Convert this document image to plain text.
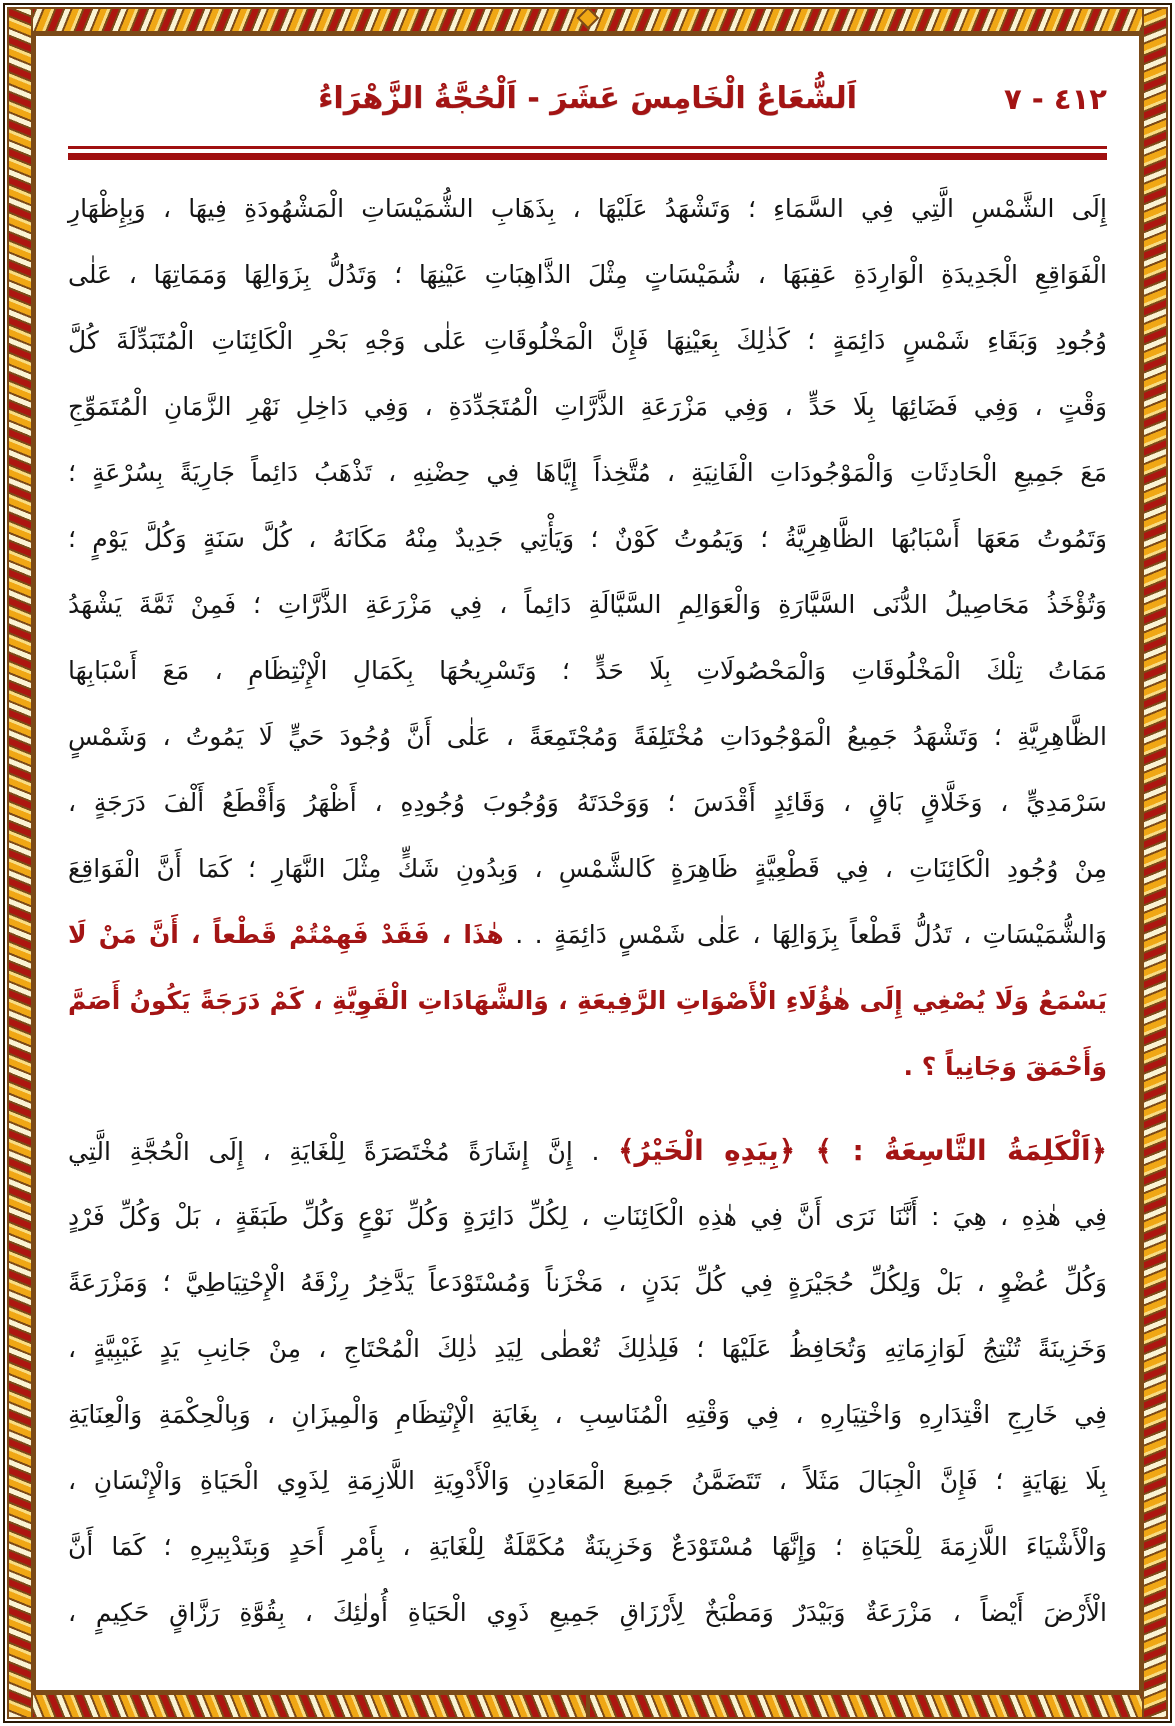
اَلشُّعَاعُ الْخَامِسَ عَشَرَ - اَلْحُجَّةُ الزَّهْرَاءُ	٤١٢ - ٧
إِلَى الشَّمْسِ الَّتِي فِي السَّمَاءِ ؛ وَتَشْهَدُ عَلَيْهَا ، بِذَهَابِ الشُّمَيْسَاتِ الْمَشْهُودَةِ فِيهَا ، وَبِإِظْهَارِ
الْفَوَاقِعِ الْجَدِيدَةِ الْوَارِدَةِ عَقِبَهَا ، شُمَيْسَاتٍ مِثْلَ الذَّاهِبَاتِ عَيْنِهَا ؛ وَتَدُلُّ بِزَوَالِهَا وَمَمَاتِهَا ، عَلٰى
وُجُودِ وَبَقَاءِ شَمْسٍ دَائِمَةٍ ؛ كَذٰلِكَ بِعَيْنِهَا فَإِنَّ الْمَخْلُوقَاتِ عَلٰى وَجْهِ بَحْرِ الْكَائِنَاتِ الْمُتَبَدِّلَةَ كُلَّ
وَقْتٍ ، وَفِي فَضَائِهَا بِلَا حَدٍّ ، وَفِي مَزْرَعَةِ الذَّرَّاتِ الْمُتَجَدِّدَةِ ، وَفِي دَاخِلِ نَهْرِ الزَّمَانِ الْمُتَمَوِّجِ
مَعَ جَمِيعِ الْحَادِثَاتِ وَالْمَوْجُودَاتِ الْفَانِيَةِ ، مُتَّخِذاً إِيَّاهَا فِي حِضْنِهِ ، تَذْهَبُ دَائِماً جَارِيَةً بِسُرْعَةٍ ؛
وَتَمُوتُ مَعَهَا أَسْبَابُهَا الظَّاهِرِيَّةُ ؛ وَيَمُوتُ كَوْنٌ ؛ وَيَأْتِي جَدِيدٌ مِنْهُ مَكَانَهُ ، كُلَّ سَنَةٍ وَكُلَّ يَوْمٍ ؛
وَتُؤْخَذُ مَحَاصِيلُ الدُّنَى السَّيَّارَةِ وَالْعَوَالِمِ السَّيَّالَةِ دَائِماً ، فِي مَزْرَعَةِ الذَّرَّاتِ ؛ فَمِنْ ثَمَّةَ يَشْهَدُ
مَمَاتُ تِلْكَ الْمَخْلُوقَاتِ وَالْمَحْصُولَاتِ بِلَا حَدٍّ ؛ وَتَسْرِيحُهَا بِكَمَالِ الْإِنْتِظَامِ ، مَعَ أَسْبَابِهَا
الظَّاهِرِيَّةِ ؛ وَتَشْهَدُ جَمِيعُ الْمَوْجُودَاتِ مُخْتَلِفَةً وَمُجْتَمِعَةً ، عَلٰى أَنَّ وُجُودَ حَيٍّ لَا يَمُوتُ ، وَشَمْسٍ
سَرْمَدِيٍّ ، وَخَلَّاقٍ بَاقٍ ، وَقَائِدٍ أَقْدَسَ ؛ وَوَحْدَتَهُ وَوُجُوبَ وُجُودِهِ ، أَظْهَرُ وَأَقْطَعُ أَلْفَ دَرَجَةٍ ،
مِنْ وُجُودِ الْكَائِنَاتِ ، فِي قَطْعِيَّةٍ ظَاهِرَةٍ كَالشَّمْسِ ، وَبِدُونِ شَكٍّ مِثْلَ النَّهَارِ ؛ كَمَا أَنَّ الْفَوَاقِعَ
وَالشُّمَيْسَاتِ ، تَدُلُّ قَطْعاً بِزَوَالِهَا ، عَلٰى شَمْسٍ دَائِمَةٍ . . هٰذَا ، فَقَدْ فَهِمْتُمْ قَطْعاً ، أَنَّ مَنْ لَا
يَسْمَعُ وَلَا يُصْغِي إِلَى هٰؤُلَاءِ الْأَصْوَاتِ الرَّفِيعَةِ ، وَالشَّهَادَاتِ الْقَوِيَّةِ ، كَمْ دَرَجَةً يَكُونُ أَصَمَّ
وَأَحْمَقَ وَجَانِياً ؟ .
﴿اَلْكَلِمَةُ التَّاسِعَةُ : ﴾ ﴿بِيَدِهِ الْخَيْرُ﴾ . إِنَّ إِشَارَةً مُخْتَصَرَةً لِلْغَايَةِ ، إِلَى الْحُجَّةِ الَّتِي
فِي هٰذِهِ ، هِيَ : أَنَّنَا نَرَى أَنَّ فِي هٰذِهِ الْكَائِنَاتِ ، لِكُلِّ دَائِرَةٍ وَكُلِّ نَوْعٍ وَكُلِّ طَبَقَةٍ ، بَلْ وَكُلِّ فَرْدٍ
وَكُلِّ عُضْوٍ ، بَلْ وَلِكُلِّ حُجَيْرَةٍ فِي كُلِّ بَدَنٍ ، مَخْزَناً وَمُسْتَوْدَعاً يَدَّخِرُ رِزْقَهُ الْإِحْتِيَاطِيَّ ؛ وَمَزْرَعَةً
وَخَزِينَةً تُنْتِجُ لَوَازِمَاتِهِ وَتُحَافِظُ عَلَيْهَا ؛ فَلِذٰلِكَ تُعْطٰى لِيَدِ ذٰلِكَ الْمُحْتَاجِ ، مِنْ جَانِبِ يَدٍ غَيْبِيَّةٍ ،
فِي خَارِجِ اقْتِدَارِهِ وَاخْتِيَارِهِ ، فِي وَقْتِهِ الْمُنَاسِبِ ، بِغَايَةِ الْإِنْتِظَامِ وَالْمِيزَانِ ، وَبِالْحِكْمَةِ وَالْعِنَايَةِ
بِلَا نِهَايَةٍ ؛ فَإِنَّ الْجِبَالَ مَثَلاً ، تَتَضَمَّنُ جَمِيعَ الْمَعَادِنِ وَالْأَدْوِيَةِ اللَّازِمَةِ لِذَوِي الْحَيَاةِ وَالْإِنْسَانِ ،
وَالْأَشْيَاءَ اللَّازِمَةَ لِلْحَيَاةِ ؛ وَإِنَّهَا مُسْتَوْدَعٌ وَخَزِينَةٌ مُكَمَّلَةٌ لِلْغَايَةِ ، بِأَمْرِ أَحَدٍ وَبِتَدْبِيرِهِ ؛ كَمَا أَنَّ
الْأَرْضَ أَيْضاً ، مَزْرَعَةٌ وَبَيْدَرٌ وَمَطْبَخٌ لِأَرْزَاقِ جَمِيعِ ذَوِي الْحَيَاةِ أُولٰئِكَ ، بِقُوَّةِ رَزَّاقٍ حَكِيمٍ ،
